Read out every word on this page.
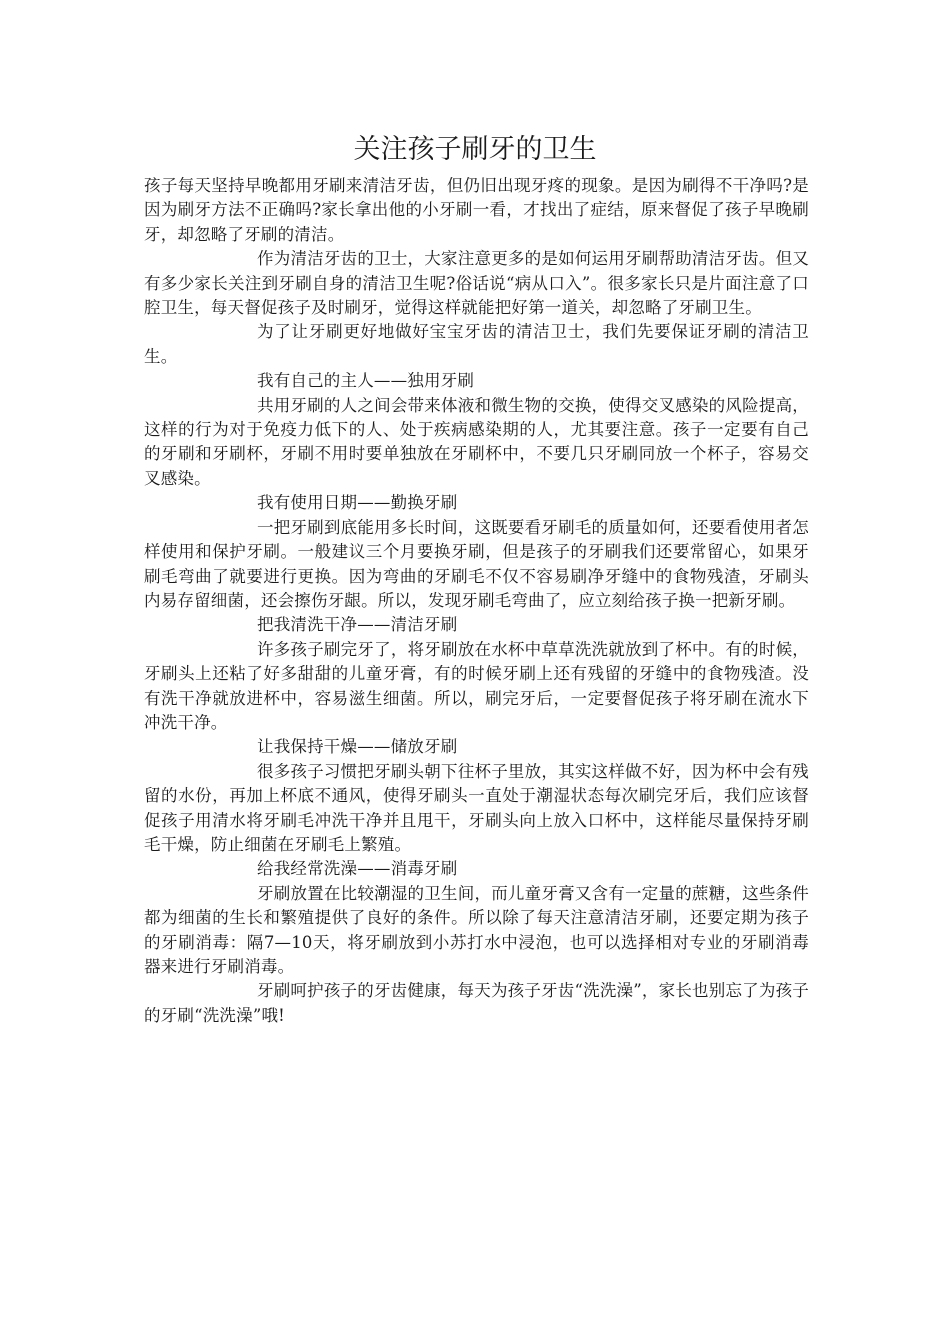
关注孩子刷牙的卫生

孩子每天坚持早晚都用牙刷来清洁牙齿，但仍旧出现牙疼的现象。是因为刷得不干净吗?是因为刷牙方法不正确吗?家长拿出他的小牙刷一看，才找出了症结，原来督促了孩子早晚刷牙，却忽略了牙刷的清洁。

作为清洁牙齿的卫士，大家注意更多的是如何运用牙刷帮助清洁牙齿。但又有多少家长关注到牙刷自身的清洁卫生呢?俗话说“病从口入”。很多家长只是片面注意了口腔卫生，每天督促孩子及时刷牙，觉得这样就能把好第一道关，却忽略了牙刷卫生。

为了让牙刷更好地做好宝宝牙齿的清洁卫士，我们先要保证牙刷的清洁卫生。

我有自己的主人——独用牙刷

共用牙刷的人之间会带来体液和微生物的交换，使得交叉感染的风险提高，这样的行为对于免疫力低下的人、处于疾病感染期的人，尤其要注意。孩子一定要有自己的牙刷和牙刷杯，牙刷不用时要单独放在牙刷杯中，不要几只牙刷同放一个杯子，容易交叉感染。

我有使用日期——勤换牙刷

一把牙刷到底能用多长时间，这既要看牙刷毛的质量如何，还要看使用者怎样使用和保护牙刷。一般建议三个月要换牙刷，但是孩子的牙刷我们还要常留心，如果牙刷毛弯曲了就要进行更换。因为弯曲的牙刷毛不仅不容易刷净牙缝中的食物残渣，牙刷头内易存留细菌，还会擦伤牙龈。所以，发现牙刷毛弯曲了，应立刻给孩子换一把新牙刷。

把我清洗干净——清洁牙刷

许多孩子刷完牙了，将牙刷放在水杯中草草洗洗就放到了杯中。有的时候，牙刷头上还粘了好多甜甜的儿童牙膏，有的时候牙刷上还有残留的牙缝中的食物残渣。没有洗干净就放进杯中，容易滋生细菌。所以，刷完牙后，一定要督促孩子将牙刷在流水下冲洗干净。

让我保持干燥——储放牙刷

很多孩子习惯把牙刷头朝下往杯子里放，其实这样做不好，因为杯中会有残留的水份，再加上杯底不通风，使得牙刷头一直处于潮湿状态每次刷完牙后，我们应该督促孩子用清水将牙刷毛冲洗干净并且甩干，牙刷头向上放入口杯中，这样能尽量保持牙刷毛干燥，防止细菌在牙刷毛上繁殖。

给我经常洗澡——消毒牙刷

牙刷放置在比较潮湿的卫生间，而儿童牙膏又含有一定量的蔗糖，这些条件都为细菌的生长和繁殖提供了良好的条件。所以除了每天注意清洁牙刷，还要定期为孩子的牙刷消毒：隔7—10天，将牙刷放到小苏打水中浸泡，也可以选择相对专业的牙刷消毒器来进行牙刷消毒。

牙刷呵护孩子的牙齿健康，每天为孩子牙齿“洗洗澡”，家长也别忘了为孩子的牙刷“洗洗澡”哦!
